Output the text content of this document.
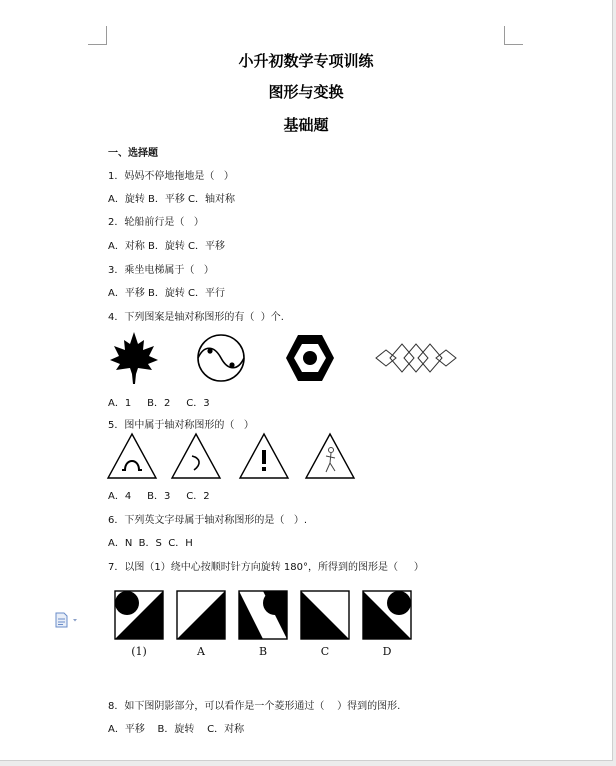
小升初数学专项训练
图形与变换
基础题
一、选择题
1．妈妈不停地拖地是（   ）
A．旋转 B．平移 C．轴对称
2．轮船前行是（   ）
A．对称 B．旋转 C．平移
3．乘坐电梯属于（   ）
A．平移 B．旋转 C．平行
4．下列图案是轴对称图形的有（  ）个.
A．1     B．2     C．3
5．图中属于轴对称图形的（   ）
A．4     B．3     C．2
6．下列英文字母属于轴对称图形的是（   ）.
A．N  B．S  C．H
7．以图（1）绕中心按顺时针方向旋转 180°，所得到的图形是（     ）
(1)	A	B	C	D
8．如下图阴影部分，可以看作是一个菱形通过（    ）得到的图形.
A．平移    B．旋转    C．对称
